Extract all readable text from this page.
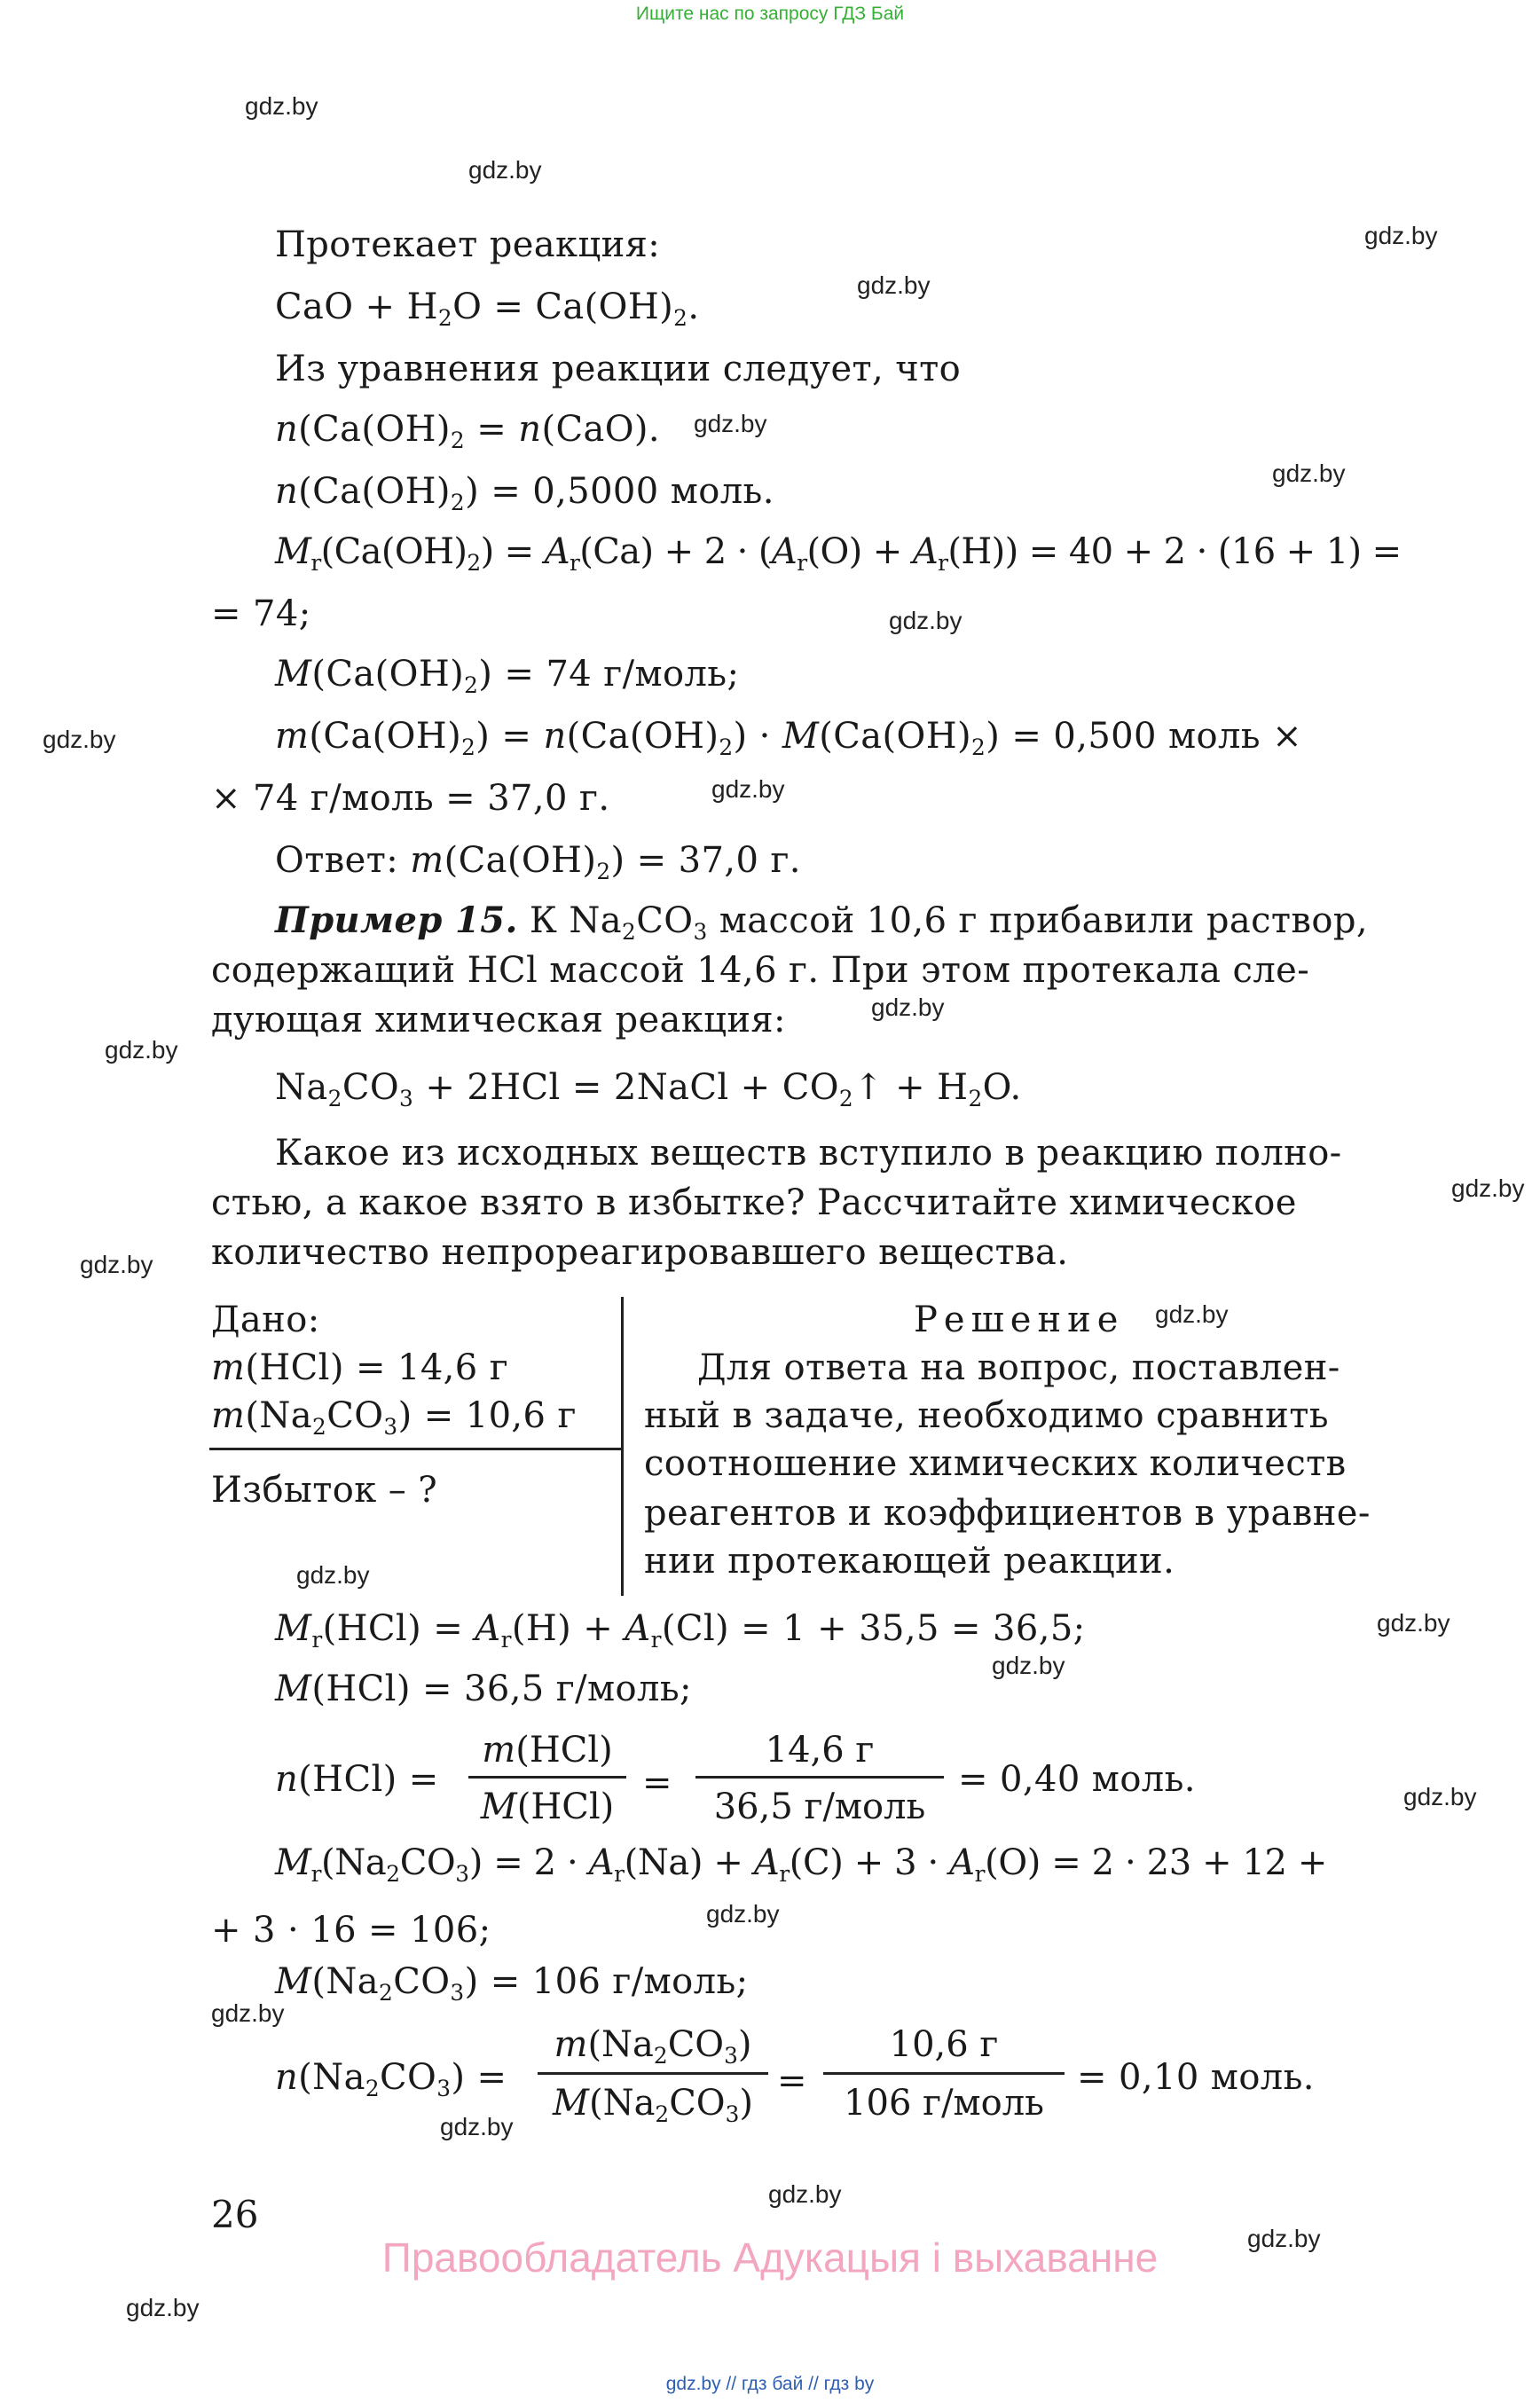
Ищите нас по запросу ГДЗ Бай
gdz.by
gdz.by
gdz.by
gdz.by
gdz.by
gdz.by
gdz.by
gdz.by
gdz.by
gdz.by
gdz.by
gdz.by
gdz.by
gdz.by
gdz.by
gdz.by
gdz.by
gdz.by
gdz.by
gdz.by
gdz.by
gdz.by
gdz.by
gdz.by
Протекает реакция:
CaO + $H_2O = Ca(OH)_2$.
Из уравнения реакции следует, что
$n(Ca(OH)_2 = n(CaO)$.
$n(Ca(OH)_2) = 0,5000$ моль.
$M_r(Ca(OH)_2) = A_r(Ca) + 2 \cdot (A_r(O) + A_r(H)) = 40 + 2 \cdot (16 + 1)$ =
= 74;
$M(Ca(OH)_2) = 74$ г/моль;
$m(Ca(OH)_2) = n(Ca(OH)_2) \cdot M(Ca(OH)_2) = 0,500$ моль ×
× 74 г/моль = 37,0 г.
Ответ: $m(Ca(OH)_2) = 37,0$ г.
Пример 15. К $Na_2CO_3$ массой 10,6 г прибавили раствор,
содержащий HCl массой 14,6 г. При этом протекала сле-
дующая химическая реакция:
$Na_2CO_3 + 2HCl$ = 2NaCl + $CO_2↑ + H_2O$.
Какое из исходных веществ вступило в реакцию полно-
стью, а какое взято в избытке? Рассчитайте химическое
количество непрореагировавшего вещества.
Дано:
m(HCl) = 14,6 г
$m(Na_2CO_3) = 10,6$ г
Избыток – ?
Решение
Для ответа на вопрос, поставлен-
ный в задаче, необходимо сравнить
соотношение химических количеств
реагентов и коэффициентов в уравне-
нии протекающей реакции.
$M_r(HCl) = A_r(H) + A_r(Cl) = 1 + 35,5 = 36,5$;
M(HCl) = 36,5 г/моль;
n(HCl) =
m(HCl)
M(HCl)
=
14,6 г
36,5 г/моль
= 0,40 моль.
$M_r(Na_2CO_3) = 2 \cdot A_r(Na) + A_r(C) + 3 \cdot A_r(O) = 2 \cdot 23 + 12$ +
+ 3 · 16 = 106;
$M(Na_2CO_3) = 106$ г/моль;
$n(Na_2CO_3)$ =
$m(Na_2CO_3)$
$M(Na_2CO_3)$
=
10,6 г
106 г/моль
= 0,10 моль.
26
Правообладатель Адукацыя і выхаванне
gdz.by // гдз бай // гдз by
